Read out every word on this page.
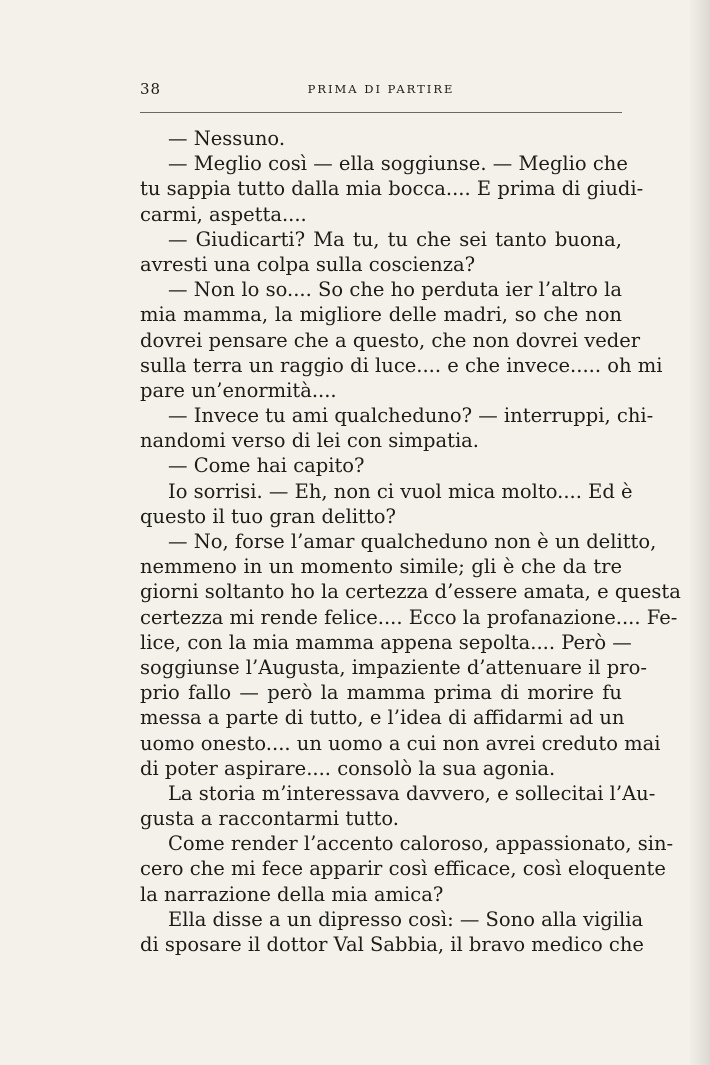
38	PRIMA DI PARTIRE
— Nessuno.
— Meglio così — ella soggiunse. — Meglio che
tu sappia tutto dalla mia bocca.... E prima di giudi-
carmi, aspetta....
— Giudicarti? Ma tu, tu che sei tanto buona,
avresti una colpa sulla coscienza?
— Non lo so.... So che ho perduta ier l’altro la
mia mamma, la migliore delle madri, so che non
dovrei pensare che a questo, che non dovrei veder
sulla terra un raggio di luce.... e che invece..... oh mi
pare un’enormità....
— Invece tu ami qualcheduno? — interruppi, chi-
nandomi verso di lei con simpatia.
— Come hai capito?
Io sorrisi. — Eh, non ci vuol mica molto.... Ed è
questo il tuo gran delitto?
— No, forse l’amar qualcheduno non è un delitto,
nemmeno in un momento simile; gli è che da tre
giorni soltanto ho la certezza d’essere amata, e questa
certezza mi rende felice.... Ecco la profanazione.... Fe-
lice, con la mia mamma appena sepolta.... Però —
soggiunse l’Augusta, impaziente d’attenuare il pro-
prio fallo — però la mamma prima di morire fu
messa a parte di tutto, e l’idea di affidarmi ad un
uomo onesto.... un uomo a cui non avrei creduto mai
di poter aspirare.... consolò la sua agonia.
La storia m’interessava davvero, e sollecitai l’Au-
gusta a raccontarmi tutto.
Come render l’accento caloroso, appassionato, sin-
cero che mi fece apparir così efficace, così eloquente
la narrazione della mia amica?
Ella disse a un dipresso così: — Sono alla vigilia
di sposare il dottor Val Sabbia, il bravo medico che
